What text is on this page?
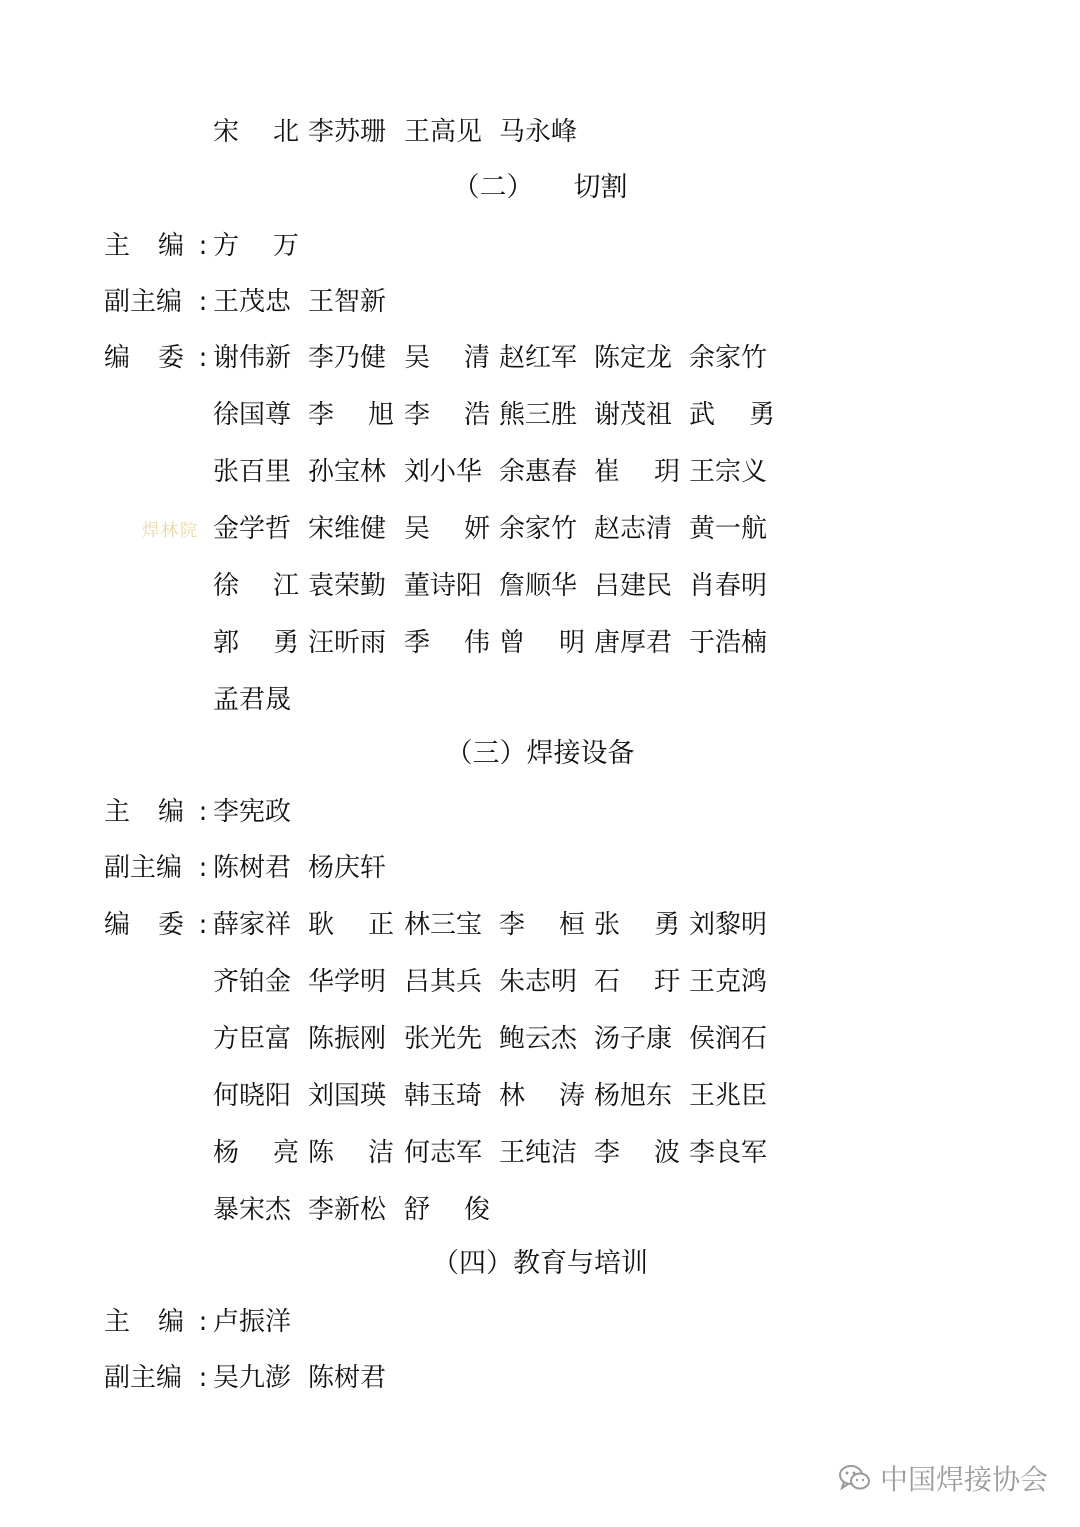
宋 北 李苏珊 王高见 马永峰
（二） 切割
主 编 : 方 万
副主编 : 王茂忠 王智新
编 委 : 谢伟新 李乃健 吴 清 赵红军 陈定龙 余家竹
徐国尊 李 旭 李 浩 熊三胜 谢茂祖 武 勇
张百里 孙宝林 刘小华 余惠春 崔 玥 王宗义
金学哲 宋维健 吴 妍 余家竹 赵志清 黄一航
徐 江 袁荣勤 董诗阳 詹顺华 吕建民 肖春明
郭 勇 汪昕雨 季 伟 曾 明 唐厚君 于浩楠
孟君晟
（三）焊接设备
主 编 : 李宪政
副主编 : 陈树君 杨庆轩
编 委 : 薛家祥 耿 正 林三宝 李 桓 张 勇 刘黎明
齐铂金 华学明 吕其兵 朱志明 石 玗 王克鸿
方臣富 陈振刚 张光先 鲍云杰 汤子康 侯润石
何晓阳 刘国瑛 韩玉琦 林 涛 杨旭东 王兆臣
杨 亮 陈 洁 何志军 王纯洁 李 波 李良军
暴宋杰 李新松 舒 俊
（四）教育与培训
主 编 : 卢振洋
副主编 : 吴九澎 陈树君
焊林院
中国焊接协会
